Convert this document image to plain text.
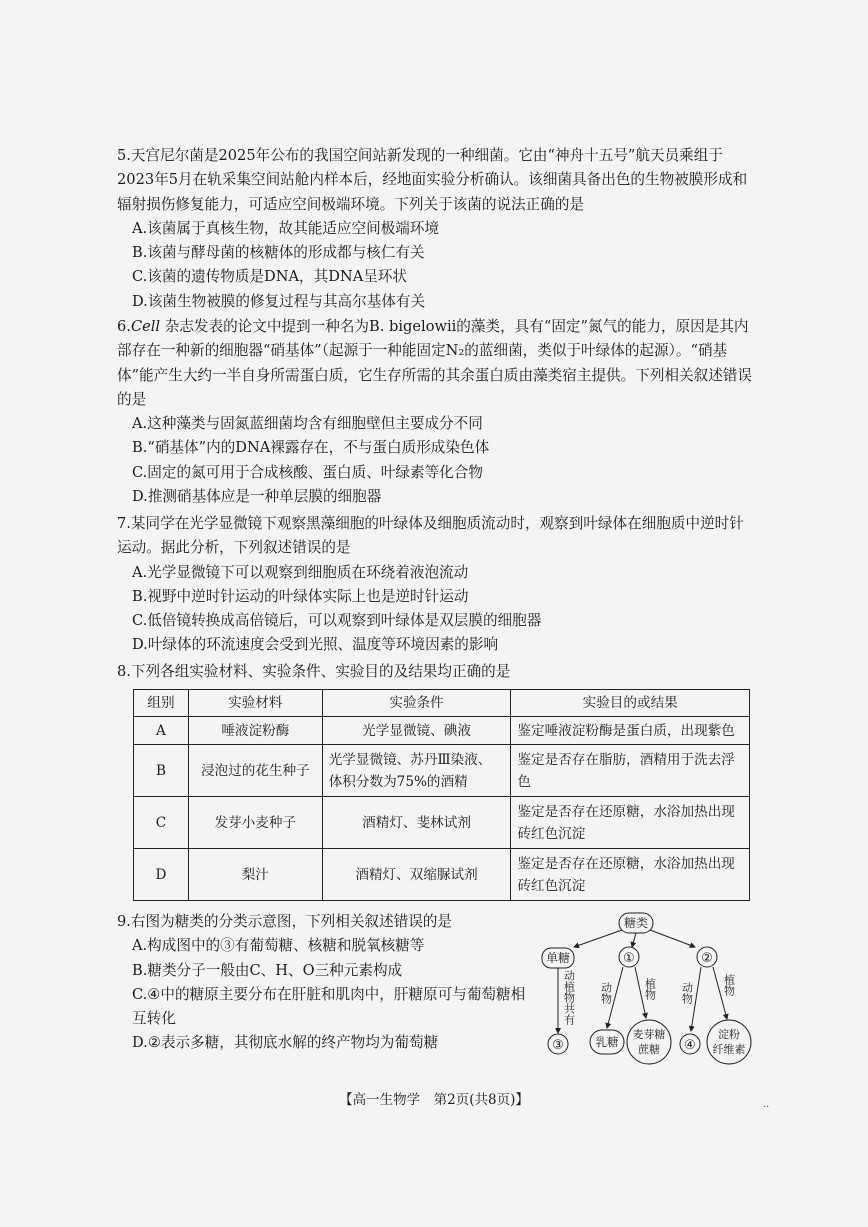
5.天宫尼尔菌是2025年公布的我国空间站新发现的一种细菌。它由“神舟十五号”航天员乘组于2023年5月在轨采集空间站舱内样本后，经地面实验分析确认。该细菌具备出色的生物被膜形成和辐射损伤修复能力，可适应空间极端环境。下列关于该菌的说法正确的是

A.该菌属于真核生物，故其能适应空间极端环境

B.该菌与酵母菌的核糖体的形成都与核仁有关

C.该菌的遗传物质是DNA，其DNA呈环状

D.该菌生物被膜的修复过程与其高尔基体有关

6.Cell 杂志发表的论文中提到一种名为B. bigelowii的藻类，具有“固定”氮气的能力，原因是其内部存在一种新的细胞器“硝基体”（起源于一种能固定N₂的蓝细菌，类似于叶绿体的起源）。“硝基体”能产生大约一半自身所需蛋白质，它生存所需的其余蛋白质由藻类宿主提供。下列相关叙述错误的是

A.这种藻类与固氮蓝细菌均含有细胞壁但主要成分不同

B.“硝基体”内的DNA裸露存在，不与蛋白质形成染色体

C.固定的氮可用于合成核酸、蛋白质、叶绿素等化合物

D.推测硝基体应是一种单层膜的细胞器

7.某同学在光学显微镜下观察黑藻细胞的叶绿体及细胞质流动时，观察到叶绿体在细胞质中逆时针运动。据此分析，下列叙述错误的是

A.光学显微镜下可以观察到细胞质在环绕着液泡流动

B.视野中逆时针运动的叶绿体实际上也是逆时针运动

C.低倍镜转换成高倍镜后，可以观察到叶绿体是双层膜的细胞器

D.叶绿体的环流速度会受到光照、温度等环境因素的影响

8.下列各组实验材料、实验条件、实验目的及结果均正确的是

组别	实验材料	实验条件	实验目的或结果
A	唾液淀粉酶	光学显微镜、碘液	鉴定唾液淀粉酶是蛋白质，出现紫色
B	浸泡过的花生种子	光学显微镜、苏丹Ⅲ染液、体积分数为75%的酒精	鉴定是否存在脂肪，酒精用于洗去浮色
C	发芽小麦种子	酒精灯、斐林试剂	鉴定是否存在还原糖，水浴加热出现砖红色沉淀
D	梨汁	酒精灯、双缩脲试剂	鉴定是否存在还原糖，水浴加热出现砖红色沉淀

9.右图为糖类的分类示意图，下列相关叙述错误的是

A.构成图中的③有葡萄糖、核糖和脱氧核糖等

B.糖类分子一般由C、H、O三种元素构成

C.④中的糖原主要分布在肝脏和肌肉中，肝糖原可与葡萄糖相互转化

D.②表示多糖，其彻底水解的终产物均为葡萄糖

糖类
单糖	①	②
动植物共有
③
动物	植物
乳糖
麦芽糖
蔗糖
动物	植物
④
淀粉
纤维素
【高一生物学　第2页(共8页)】	··
